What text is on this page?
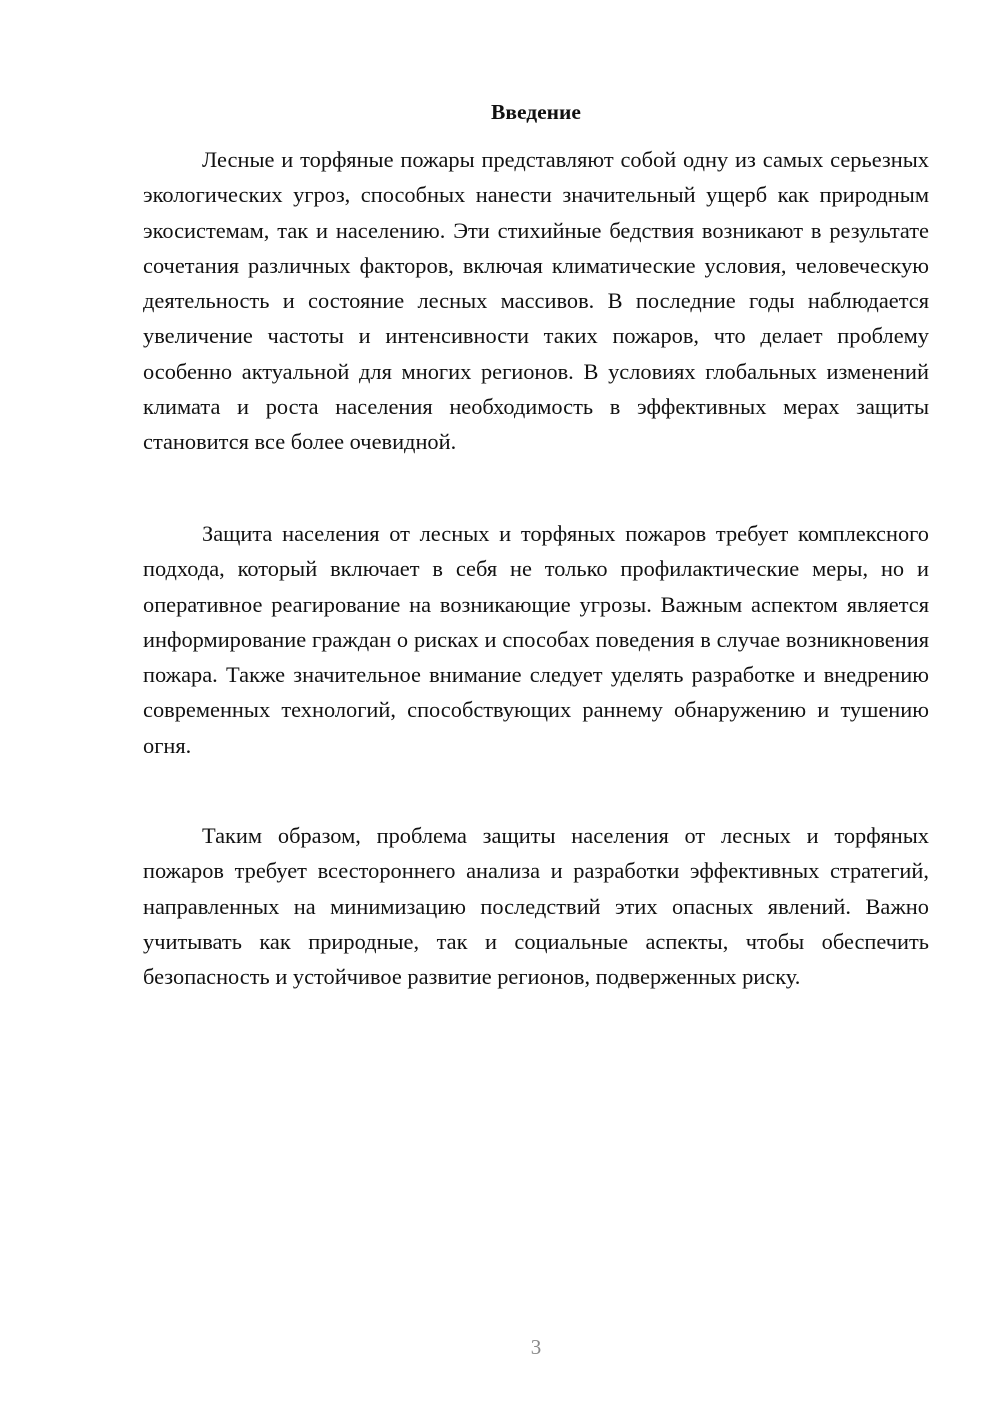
Введение

Лесные и торфяные пожары представляют собой одну из самых серьезных экологических угроз, способных нанести значительный ущерб как природным экосистемам, так и населению. Эти стихийные бедствия возникают в результате сочетания различных факторов, включая климатические условия, человеческую деятельность и состояние лесных массивов. В последние годы наблюдается увеличение частоты и интенсивности таких пожаров, что делает проблему особенно актуальной для многих регионов. В условиях глобальных изменений климата и роста населения необходимость в эффективных мерах защиты становится все более очевидной.

Защита населения от лесных и торфяных пожаров требует комплексного подхода, который включает в себя не только профилактические меры, но и оперативное реагирование на возникающие угрозы. Важным аспектом является информирование граждан о рисках и способах поведения в случае возникновения пожара. Также значительное внимание следует уделять разработке и внедрению современных технологий, способствующих раннему обнаружению и тушению огня.

Таким образом, проблема защиты населения от лесных и торфяных пожаров требует всестороннего анализа и разработки эффективных стратегий, направленных на минимизацию последствий этих опасных явлений. Важно учитывать как природные, так и социальные аспекты, чтобы обеспечить безопасность и устойчивое развитие регионов, подверженных риску.

3
